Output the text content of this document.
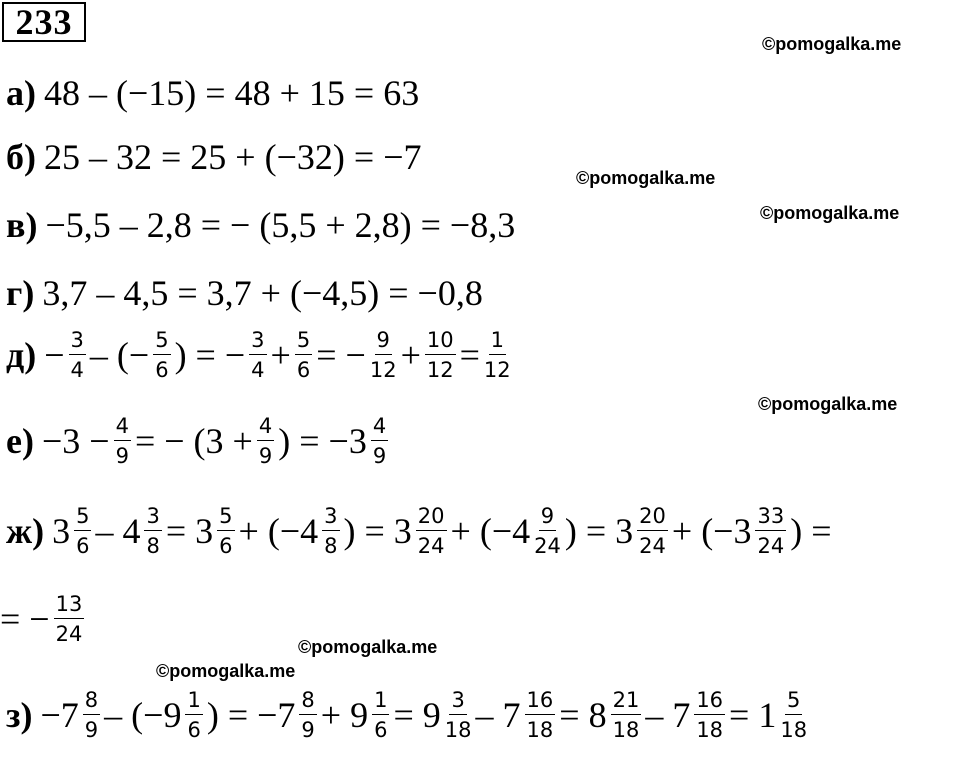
233
©pomogalka.me
©pomogalka.me
©pomogalka.me
©pomogalka.me
©pomogalka.me
©pomogalka.me
а) 48 – (−15) = 48 + 15 = 63
б) 25 – 32 = 25 + (−32) = −7
в) −5,5 – 2,8 = − (5,5 + 2,8) = −8,3
г) 3,7 – 4,5 = 3,7 + (−4,5) = −0,8
$д) - \frac{3}{4}$ – (− $\frac{5}{6}$ ) = − $\frac{3}{4} + \frac{5}{6}$ = − $\frac{9}{12} + \frac{10}{12} = \frac{1}{12}$
$е) -3 - \frac{4}{9}$ = − ($3 + \frac{4}{9}$ ) = $-3 \frac{4}{9}$
ж) $3 \frac{5}{6} - 4 \frac{3}{8} = 3 \frac{5}{6} + (-4 \frac{3}{8}$ ) = $3 \frac{20}{24} + (-4 \frac{9}{24}$ ) = $3 \frac{20}{24} + (-3 \frac{33}{24}$ ) =
= − $\frac{13}{24}$
$з) -7 \frac{8}{9} - (-9 \frac{1}{6}$ ) = $-7 \frac{8}{9} + 9 \frac{1}{6} = 9 \frac{3}{18} - 7 \frac{16}{18} = 8 \frac{21}{18} - 7 \frac{16}{18} = 1 \frac{5}{18}$
